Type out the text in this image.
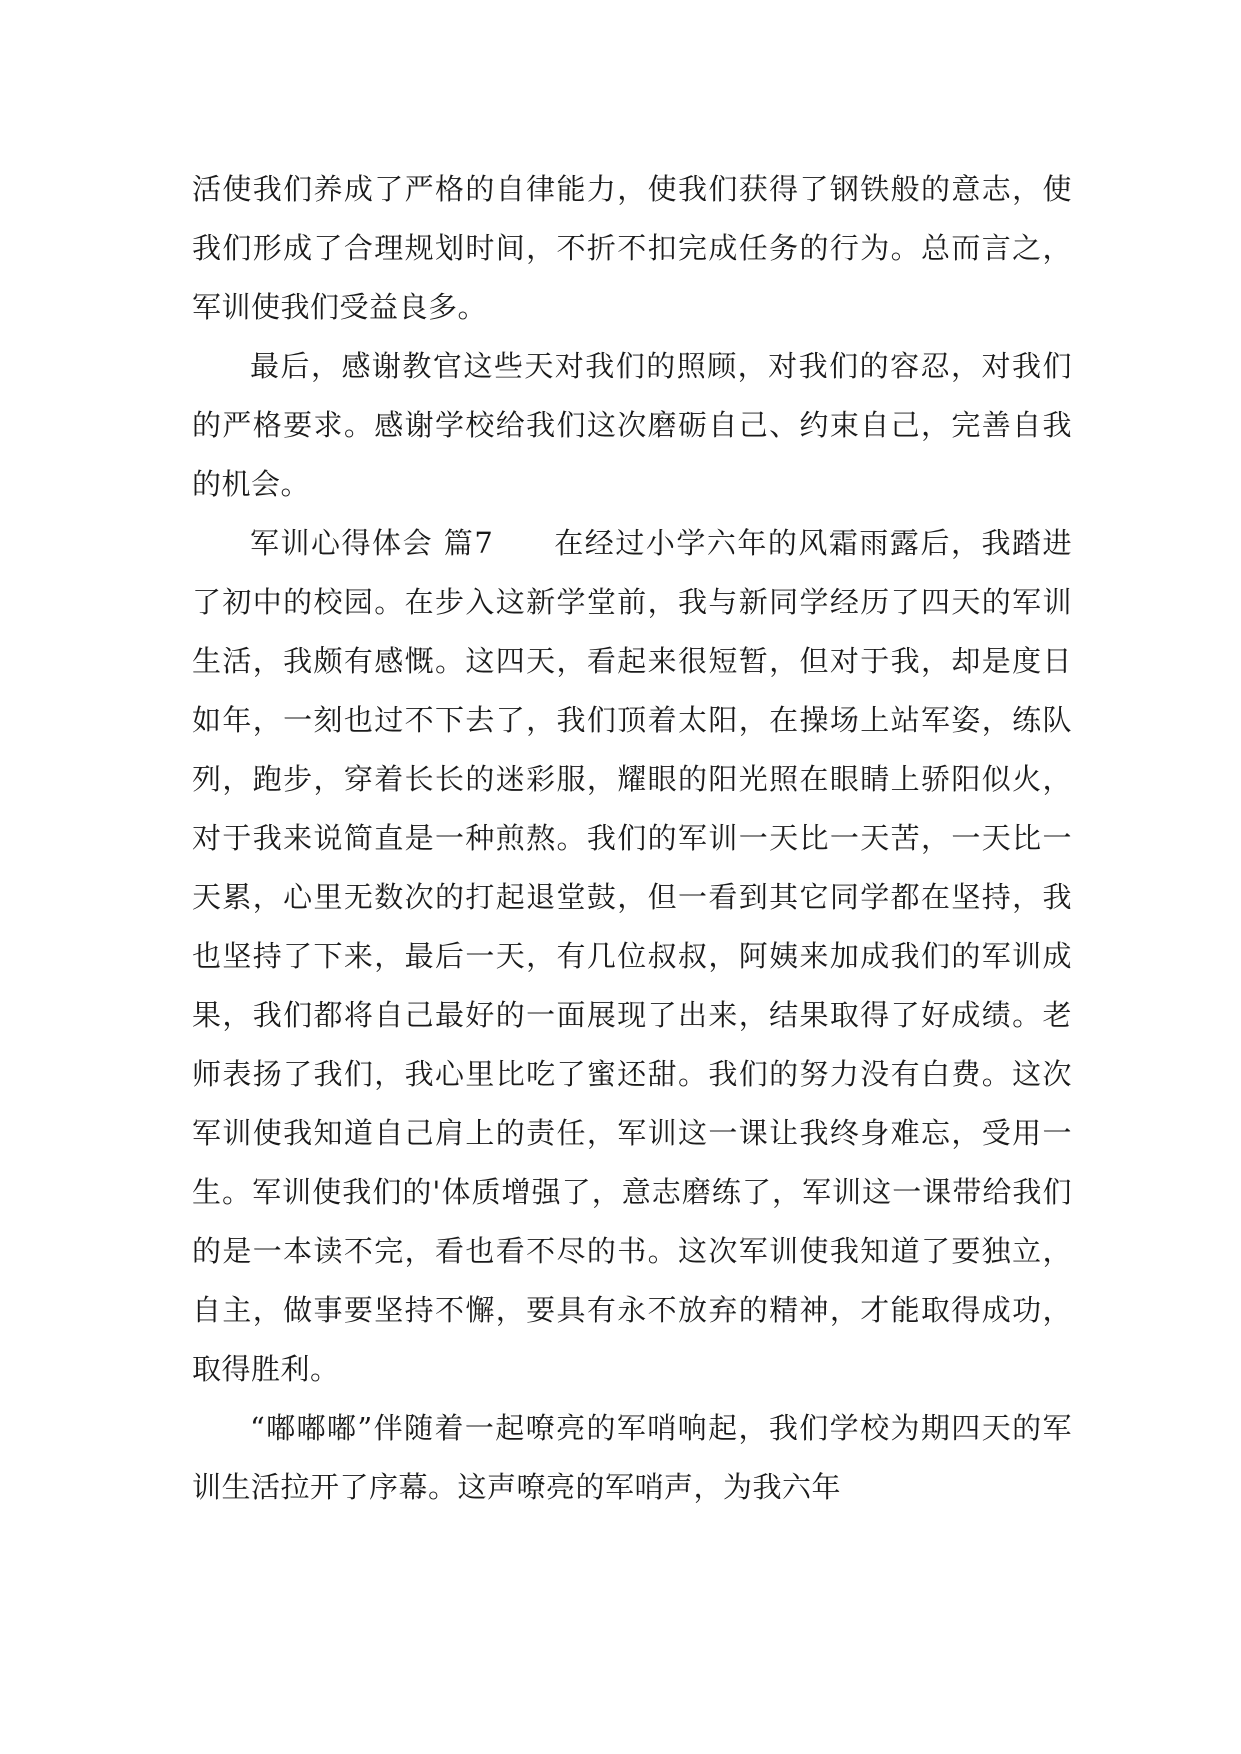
活使我们养成了严格的自律能力，使我们获得了钢铁般的意志，使我们形成了合理规划时间，不折不扣完成任务的行为。总而言之，军训使我们受益良多。

最后，感谢教官这些天对我们的照顾，对我们的容忍，对我们的严格要求。感谢学校给我们这次磨砺自己、约束自己，完善自我的机会。

军训心得体会 篇7 在经过小学六年的风霜雨露后，我踏进了初中的校园。在步入这新学堂前，我与新同学经历了四天的军训生活，我颇有感慨。这四天，看起来很短暂，但对于我，却是度日如年，一刻也过不下去了，我们顶着太阳，在操场上站军姿，练队列，跑步，穿着长长的迷彩服，耀眼的阳光照在眼睛上骄阳似火，对于我来说简直是一种煎熬。我们的军训一天比一天苦，一天比一天累，心里无数次的打起退堂鼓，但一看到其它同学都在坚持，我也坚持了下来，最后一天，有几位叔叔，阿姨来加成我们的军训成果，我们都将自己最好的一面展现了出来，结果取得了好成绩。老师表扬了我们，我心里比吃了蜜还甜。我们的努力没有白费。这次军训使我知道自己肩上的责任，军训这一课让我终身难忘，受用一生。军训使我们的'体质增强了，意志磨练了，军训这一课带给我们的是一本读不完，看也看不尽的书。这次军训使我知道了要独立，自主，做事要坚持不懈，要具有永不放弃的精神，才能取得成功，取得胜利。

“嘟嘟嘟”伴随着一起嘹亮的军哨响起，我们学校为期四天的军训生活拉开了序幕。这声嘹亮的军哨声，为我六年
